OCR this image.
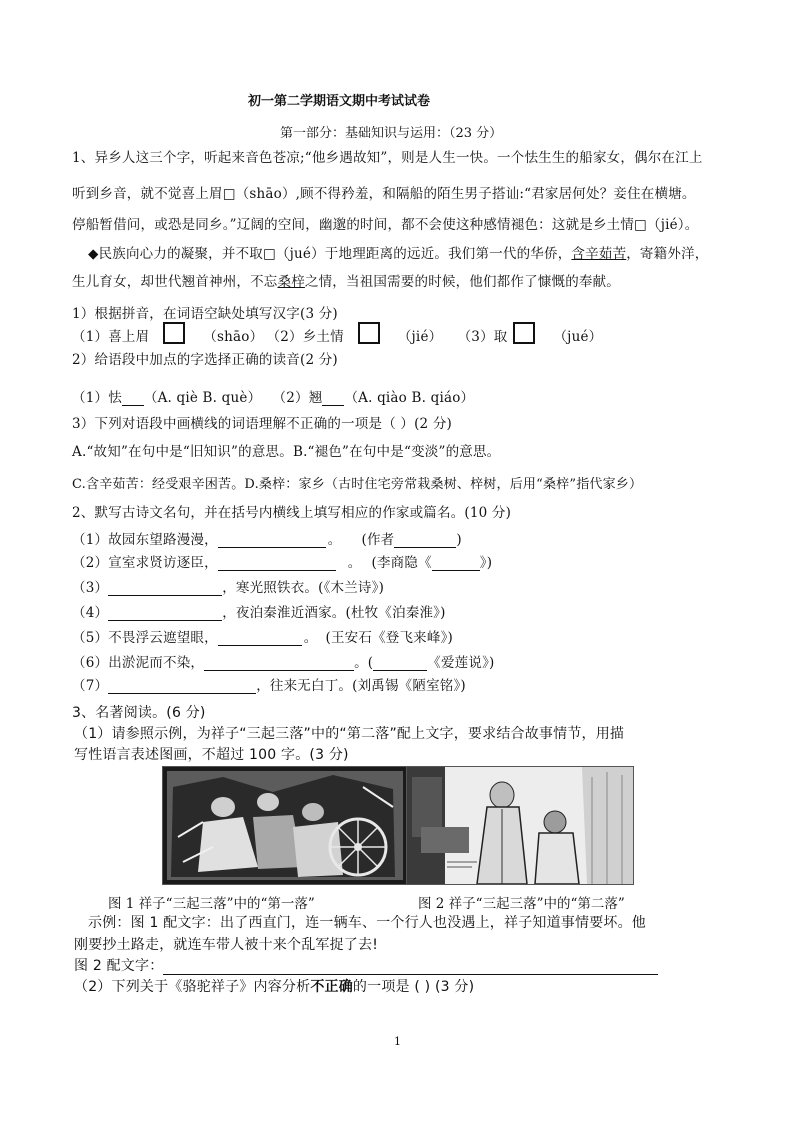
初一第二学期语文期中考试试卷
第一部分：基础知识与运用：（23 分）
1、异乡人这三个字，听起来音色苍凉;“他乡遇故知”，则是人生一快。一个怯生生的船家女，偶尔在江上
听到乡音，就不觉喜上眉□（shāo）,顾不得矜羞，和隔船的陌生男子搭讪:“君家居何处？妾住在横塘。
停船暂借问，或恐是同乡。”辽阔的空间，幽邈的时间，都不会使这种感情褪色：这就是乡土情□（jié）。
◆民族向心力的凝聚，并不取□（jué）于地理距离的远近。我们第一代的华侨，含辛茹苦，寄籍外洋，
生儿育女，却世代翘首神州，不忘桑梓之情，当祖国需要的时候，他们都作了慷慨的奉献。
1）根据拼音，在词语空缺处填写汉字(3 分)
（1）喜上眉	（shāo） （2）乡土情	（jié） （3）取	（jué）
2）给语段中加点的字选择正确的读音(2 分)
（1）怯 （A. qiè B. què） （2）翘 （A. qiào B. qiáo）
3）下列对语段中画横线的词语理解不正确的一项是（ ）(2 分)
A.“故知”在句中是“旧知识”的意思。B.“褪色”在句中是“变淡”的意思。
C.含辛茹苦：经受艰辛困苦。D.桑梓：家乡（古时住宅旁常栽桑树、梓树，后用“桑梓”指代家乡）
2、默写古诗文名句，并在括号内横线上填写相应的作家或篇名。(10 分)
（1）故园东望路漫漫，	。 (作者	)
（2）宣室求贤访逐臣，	。 (李商隐《	》)
（3）	，寒光照铁衣。(《木兰诗》)
（4）	，夜泊秦淮近酒家。(杜牧《泊秦淮》)
（5）不畏浮云遮望眼，	。 (王安石《登飞来峰》)
（6）出淤泥而不染，	。(	《爱莲说》)
（7）	，往来无白丁。(刘禹锡《陋室铭》)
3、名著阅读。(6 分)
（1）请参照示例，为祥子“三起三落”中的“第二落”配上文字，要求结合故事情节，用描
写性语言表述图画，不超过 100 字。(3 分)
图 1 祥子“三起三落”中的“第一落”	图 2 祥子“三起三落”中的“第二落”
示例：图 1 配文字：出了西直门，连一辆车、一个行人也没遇上，祥子知道事情要坏。他
刚要抄土路走，就连车带人被十来个乱军捉了去!
图 2 配文字：
（2）下列关于《骆驼祥子》内容分析不正确的一项是 ( ) (3 分)
1
